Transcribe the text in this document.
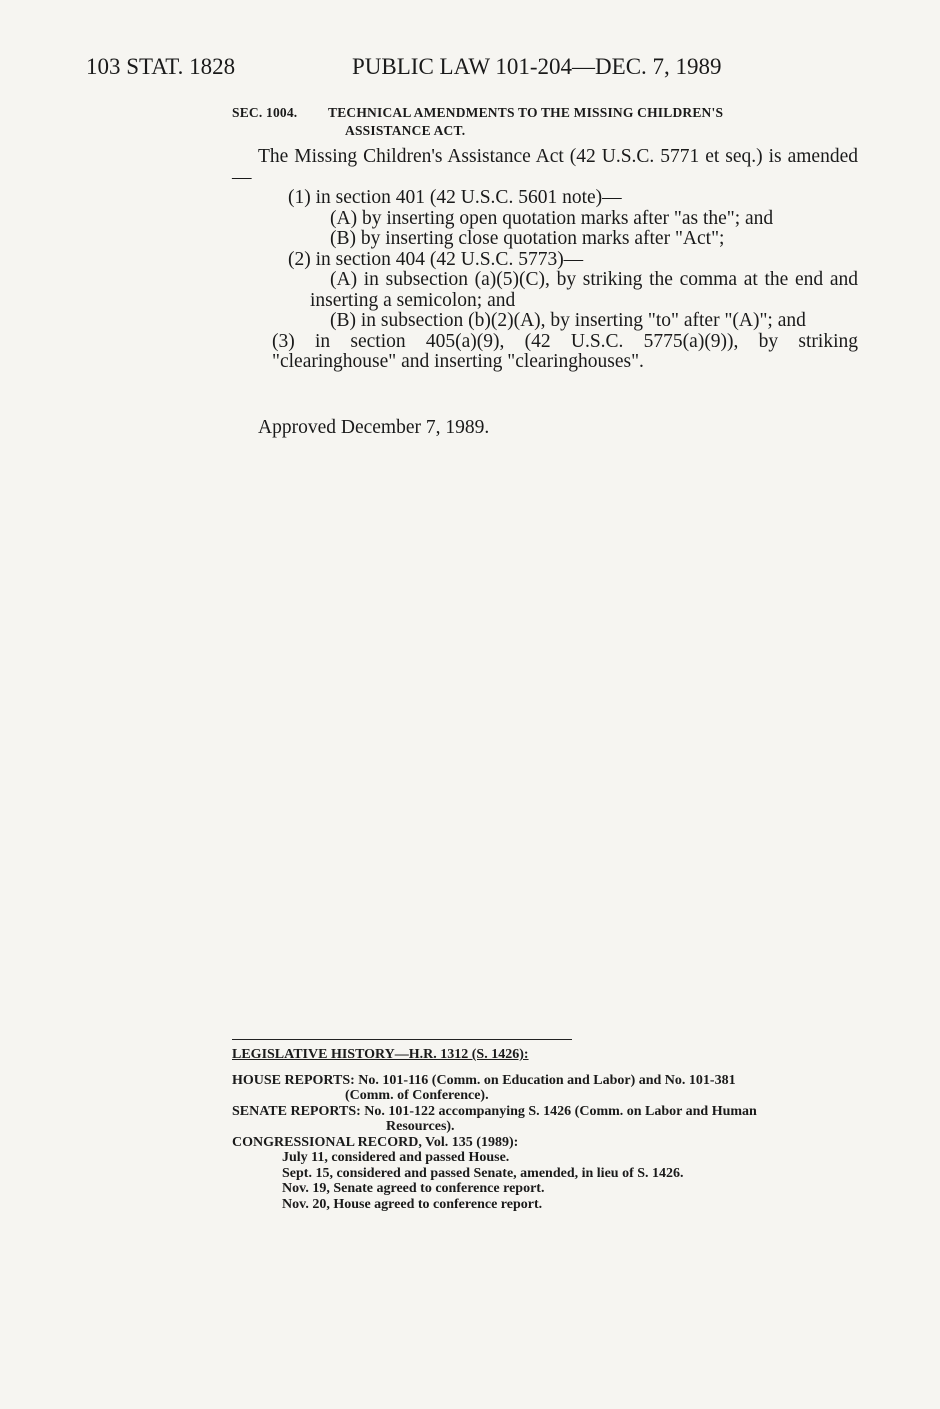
103 STAT. 1828	PUBLIC LAW 101-204—DEC. 7, 1989
SEC. 1004. TECHNICAL AMENDMENTS TO THE MISSING CHILDREN'S
ASSISTANCE ACT.

The Missing Children's Assistance Act (42 U.S.C. 5771 et seq.) is amended—

(1) in section 401 (42 U.S.C. 5601 note)—

(A) by inserting open quotation marks after "as the"; and

(B) by inserting close quotation marks after "Act";

(2) in section 404 (42 U.S.C. 5773)—

(A) in subsection (a)(5)(C), by striking the comma at the end and inserting a semicolon; and

(B) in subsection (b)(2)(A), by inserting "to" after "(A)"; and

(3) in section 405(a)(9), (42 U.S.C. 5775(a)(9)), by striking "clearinghouse" and inserting "clearinghouses".

Approved December 7, 1989.
LEGISLATIVE HISTORY—H.R. 1312 (S. 1426):

HOUSE REPORTS: No. 101-116 (Comm. on Education and Labor) and No. 101-381

(Comm. of Conference).

SENATE REPORTS: No. 101-122 accompanying S. 1426 (Comm. on Labor and Human

Resources).

CONGRESSIONAL RECORD, Vol. 135 (1989):

July 11, considered and passed House.

Sept. 15, considered and passed Senate, amended, in lieu of S. 1426.

Nov. 19, Senate agreed to conference report.

Nov. 20, House agreed to conference report.
